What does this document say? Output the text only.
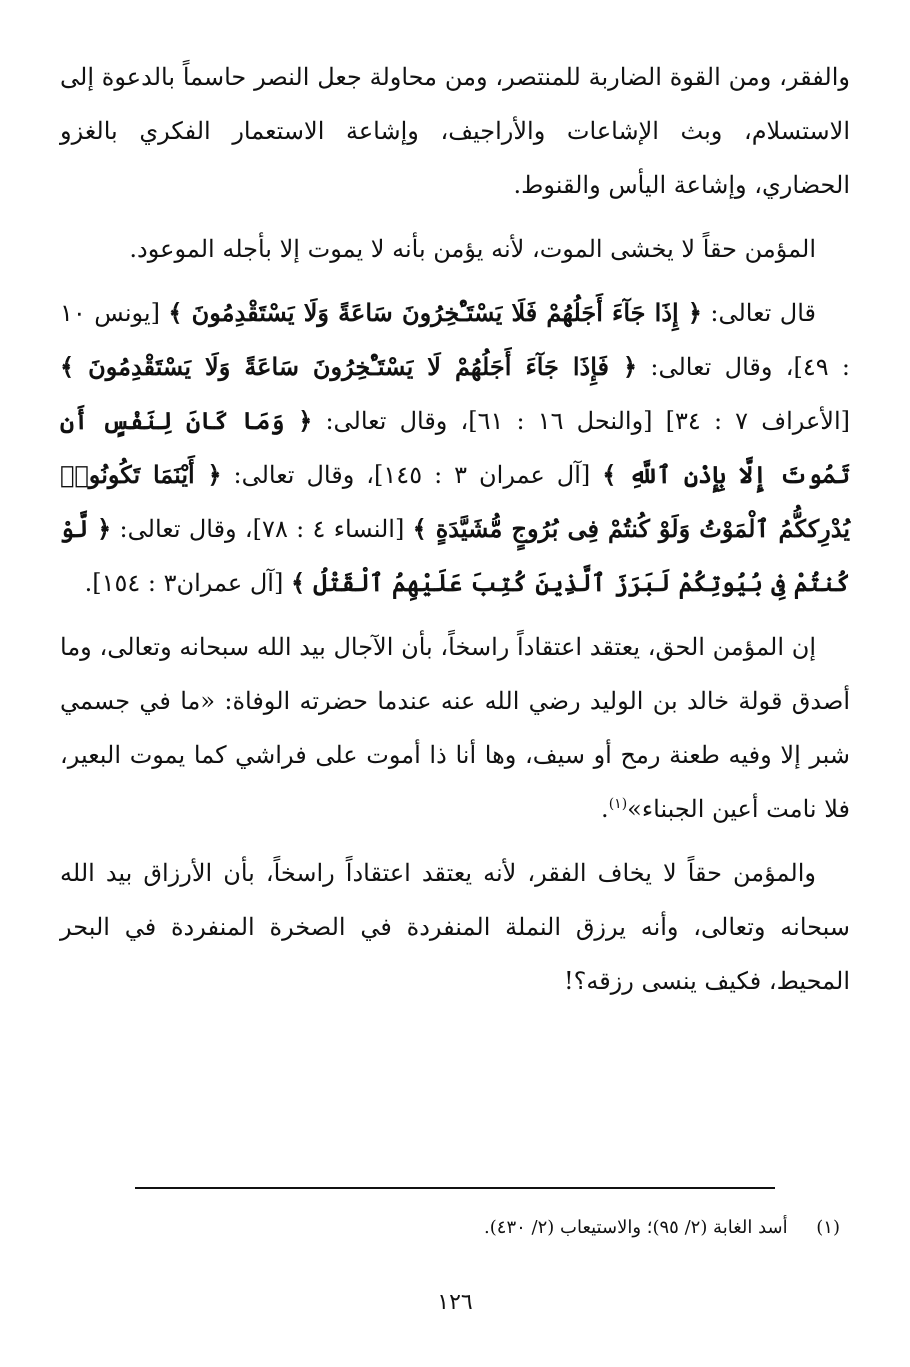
والفقر، ومن القوة الضاربة للمنتصر، ومن محاولة جعل النصر حاسماً بالدعوة إلى الاستسلام، وبث الإشاعات والأراجيف، وإشاعة الاستعمار الفكري بالغزو الحضاري، وإشاعة اليأس والقنوط.

المؤمن حقاً لا يخشى الموت، لأنه يؤمن بأنه لا يموت إلا بأجله الموعود.

قال تعالى: ﴿ إِذَا جَآءَ أَجَلُهُمْ فَلَا يَسْتَـْٔخِرُونَ سَاعَةً وَلَا يَسْتَقْدِمُونَ ﴾ [يونس ١٠ : ٤٩]، وقال تعالى: ﴿ فَإِذَا جَآءَ أَجَلُهُمْ لَا يَسْتَـْٔخِرُونَ سَاعَةً وَلَا يَسْتَقْدِمُونَ ﴾ [الأعراف ٧ : ٣٤] [والنحل ١٦ : ٦١]، وقال تعالى: ﴿ وَمَا كَانَ لِنَفْسٍ أَن تَمُوتَ إِلَّا بِإِذْنِ ٱللَّهِ ﴾ [آل عمران ٣ : ١٤٥]، وقال تعالى: ﴿ أَيْنَمَا تَكُونُوا۟ يُدْرِككُّمُ ٱلْمَوْتُ وَلَوْ كُنتُمْ فِى بُرُوجٍ مُّشَيَّدَةٍ ﴾ [النساء ٤ : ٧٨]، وقال تعالى: ﴿ لَّوْ كُنتُمْ فِى بُيُوتِكُمْ لَبَرَزَ ٱلَّذِينَ كُتِبَ عَلَيْهِمُ ٱلْقَتْلُ ﴾ [آل عمران٣ : ١٥٤].

إن المؤمن الحق، يعتقد اعتقاداً راسخاً، بأن الآجال بيد الله سبحانه وتعالى، وما أصدق قولة خالد بن الوليد رضي الله عنه عندما حضرته الوفاة: «ما في جسمي شبر إلا وفيه طعنة رمح أو سيف، وها أنا ذا أموت على فراشي كما يموت البعير، فلا نامت أعين الجبناء»$^{(١)}$.

والمؤمن حقاً لا يخاف الفقر، لأنه يعتقد اعتقاداً راسخاً، بأن الأرزاق بيد الله سبحانه وتعالى، وأنه يرزق النملة المنفردة في الصخرة المنفردة في البحر المحيط، فكيف ينسى رزقه؟!

(١)     أسد الغابة (٢/ ٩٥)؛ والاستيعاب (٢/ ٤٣٠).
١٢٦
